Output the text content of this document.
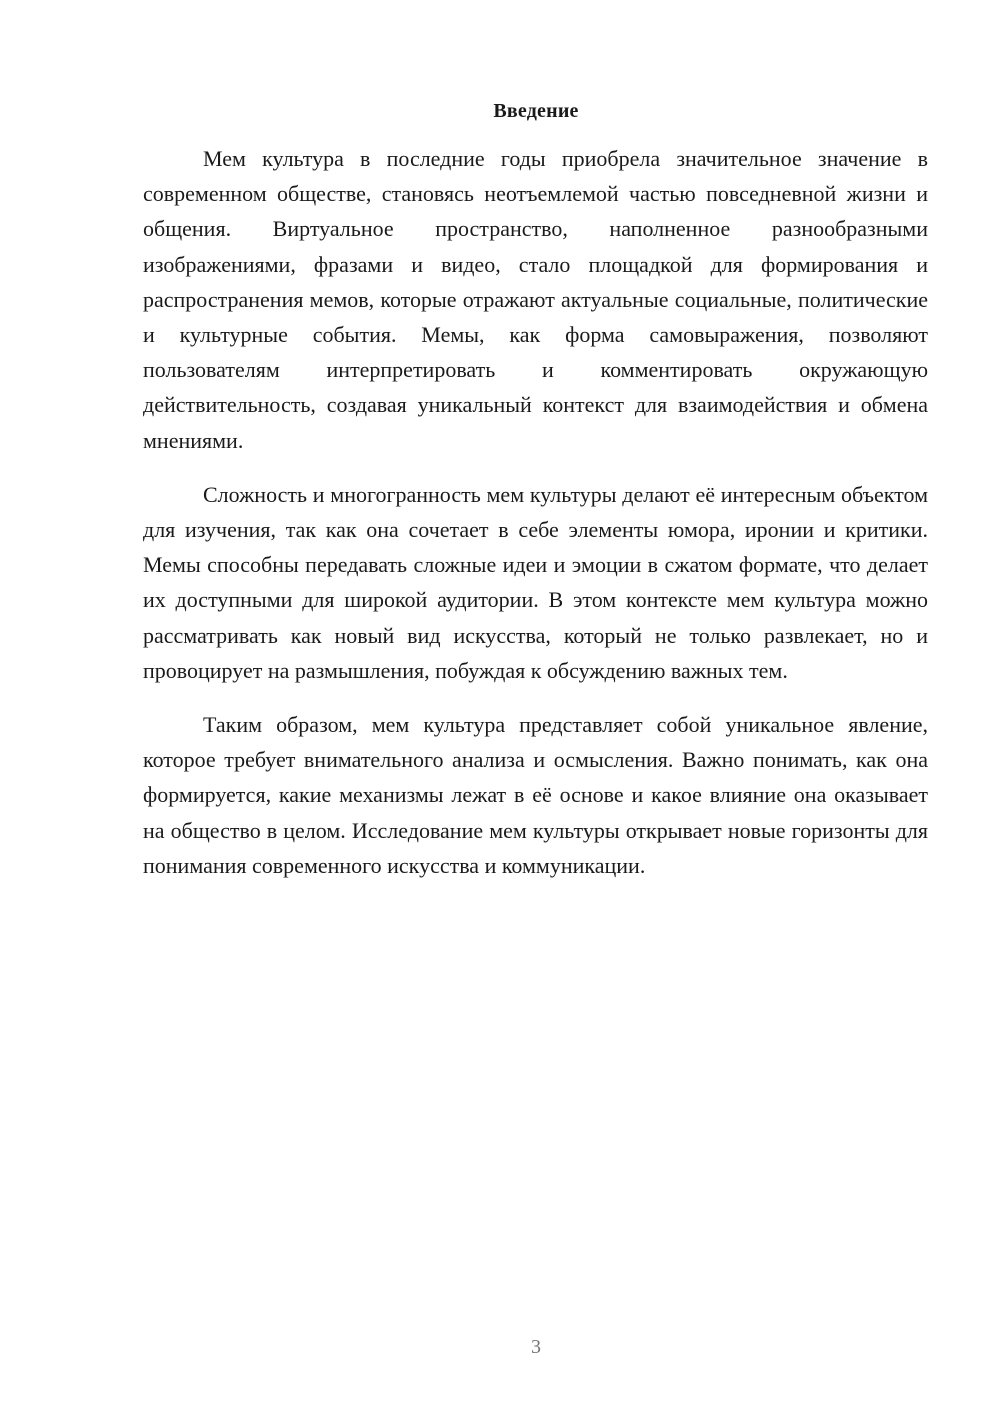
Введение

Мем культура в последние годы приобрела значительное значение в современном обществе, становясь неотъемлемой частью повседневной жизни и общения. Виртуальное пространство, наполненное разнообразными изображениями, фразами и видео, стало площадкой для формирования и распространения мемов, которые отражают актуальные социальные, политические и культурные события. Мемы, как форма самовыражения, позволяют пользователям интерпретировать и комментировать окружающую действительность, создавая уникальный контекст для взаимодействия и обмена мнениями.

Сложность и многогранность мем культуры делают её интересным объектом для изучения, так как она сочетает в себе элементы юмора, иронии и критики. Мемы способны передавать сложные идеи и эмоции в сжатом формате, что делает их доступными для широкой аудитории. В этом контексте мем культура можно рассматривать как новый вид искусства, который не только развлекает, но и провоцирует на размышления, побуждая к обсуждению важных тем.

Таким образом, мем культура представляет собой уникальное явление, которое требует внимательного анализа и осмысления. Важно понимать, как она формируется, какие механизмы лежат в её основе и какое влияние она оказывает на общество в целом. Исследование мем культуры открывает новые горизонты для понимания современного искусства и коммуникации.

3
